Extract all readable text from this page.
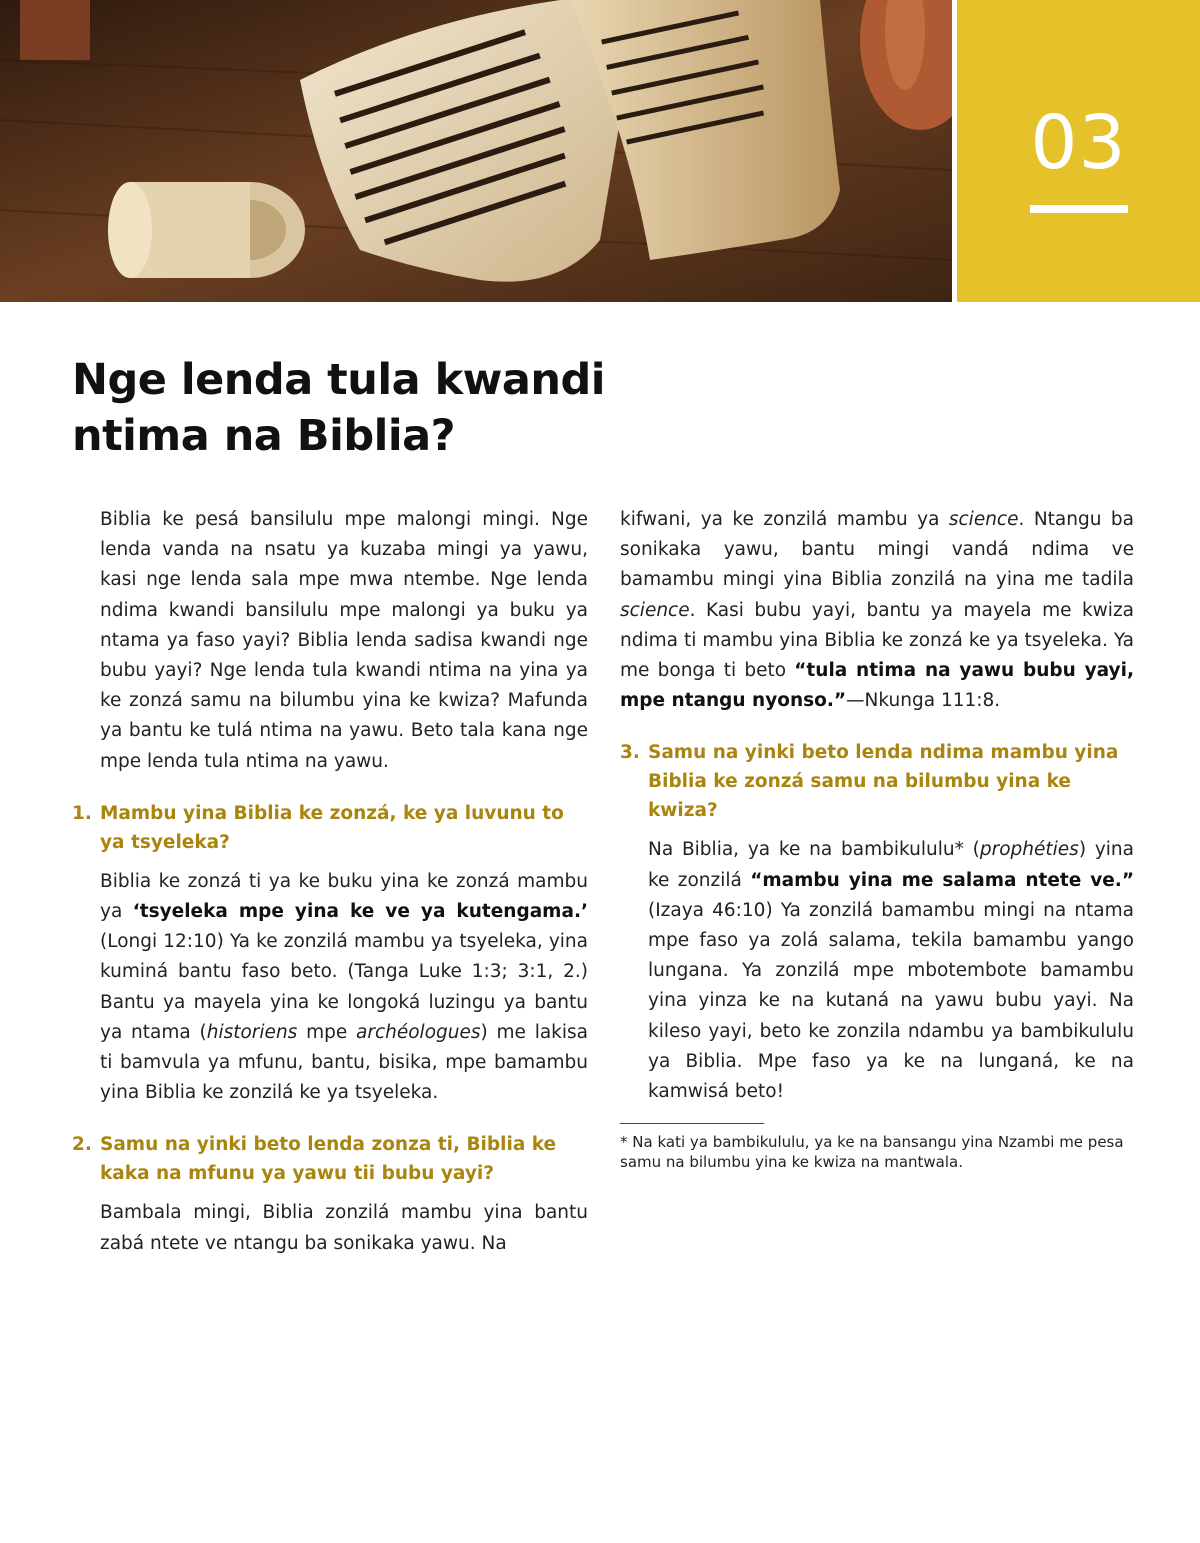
03
Nge lenda tula kwandi ntima na Biblia?

Biblia ke pesá bansilulu mpe malongi mingi. Nge lenda vanda na nsatu ya kuzaba mingi ya yawu, kasi nge lenda sala mpe mwa ntembe. Nge lenda ndima kwandi bansilulu mpe malongi ya buku ya ntama ya faso yayi? Biblia lenda sadisa kwandi nge bubu yayi? Nge lenda tula kwandi ntima na yina ya ke zonzá samu na bilumbu yina ke kwiza? Mafunda ya bantu ke tulá ntima na yawu. Beto tala kana nge mpe lenda tula ntima na yawu.

1. Mambu yina Biblia ke zonzá, ke ya luvunu to ya tsyeleka?

Biblia ke zonzá ti ya ke buku yina ke zonzá mambu ya ‘tsyeleka mpe yina ke ve ya kutengama.’ (Longi 12:10) Ya ke zonzilá mambu ya tsyeleka, yina kuminá bantu faso beto. (Tanga Luke 1:3; 3:1, 2.) Bantu ya mayela yina ke longoká luzingu ya bantu ya ntama (historiens mpe archéologues) me lakisa ti bamvula ya mfunu, bantu, bisika, mpe bamambu yina Biblia ke zonzilá ke ya tsyeleka.

2. Samu na yinki beto lenda zonza ti, Biblia ke kaka na mfunu ya yawu tii bubu yayi?

Bambala mingi, Biblia zonzilá mambu yina bantu zabá ntete ve ntangu ba sonikaka yawu. Na

kifwani, ya ke zonzilá mambu ya science. Ntangu ba sonikaka yawu, bantu mingi vandá ndima ve bamambu mingi yina Biblia zonzilá na yina me tadila science. Kasi bubu yayi, bantu ya mayela me kwiza ndima ti mambu yina Biblia ke zonzá ke ya tsyeleka. Ya me bonga ti beto “tula ntima na yawu bubu yayi, mpe ntangu nyonso.”—Nkunga 111:8.

3. Samu na yinki beto lenda ndima mambu yina Biblia ke zonzá samu na bilumbu yina ke kwiza?

Na Biblia, ya ke na bambikululu* (prophéties) yina ke zonzilá “mambu yina me salama ntete ve.” (Izaya 46:10) Ya zonzilá bamambu mingi na ntama mpe faso ya zolá salama, tekila bamambu yango lungana. Ya zonzilá mpe mbotembote bamambu yina yinza ke na kutaná na yawu bubu yayi. Na kileso yayi, beto ke zonzila ndambu ya bambikululu ya Biblia. Mpe faso ya ke na lunganá, ke na kamwisá beto!

* Na kati ya bambikululu, ya ke na bansangu yina Nzambi me pesa samu na bilumbu yina ke kwiza na mantwala.
